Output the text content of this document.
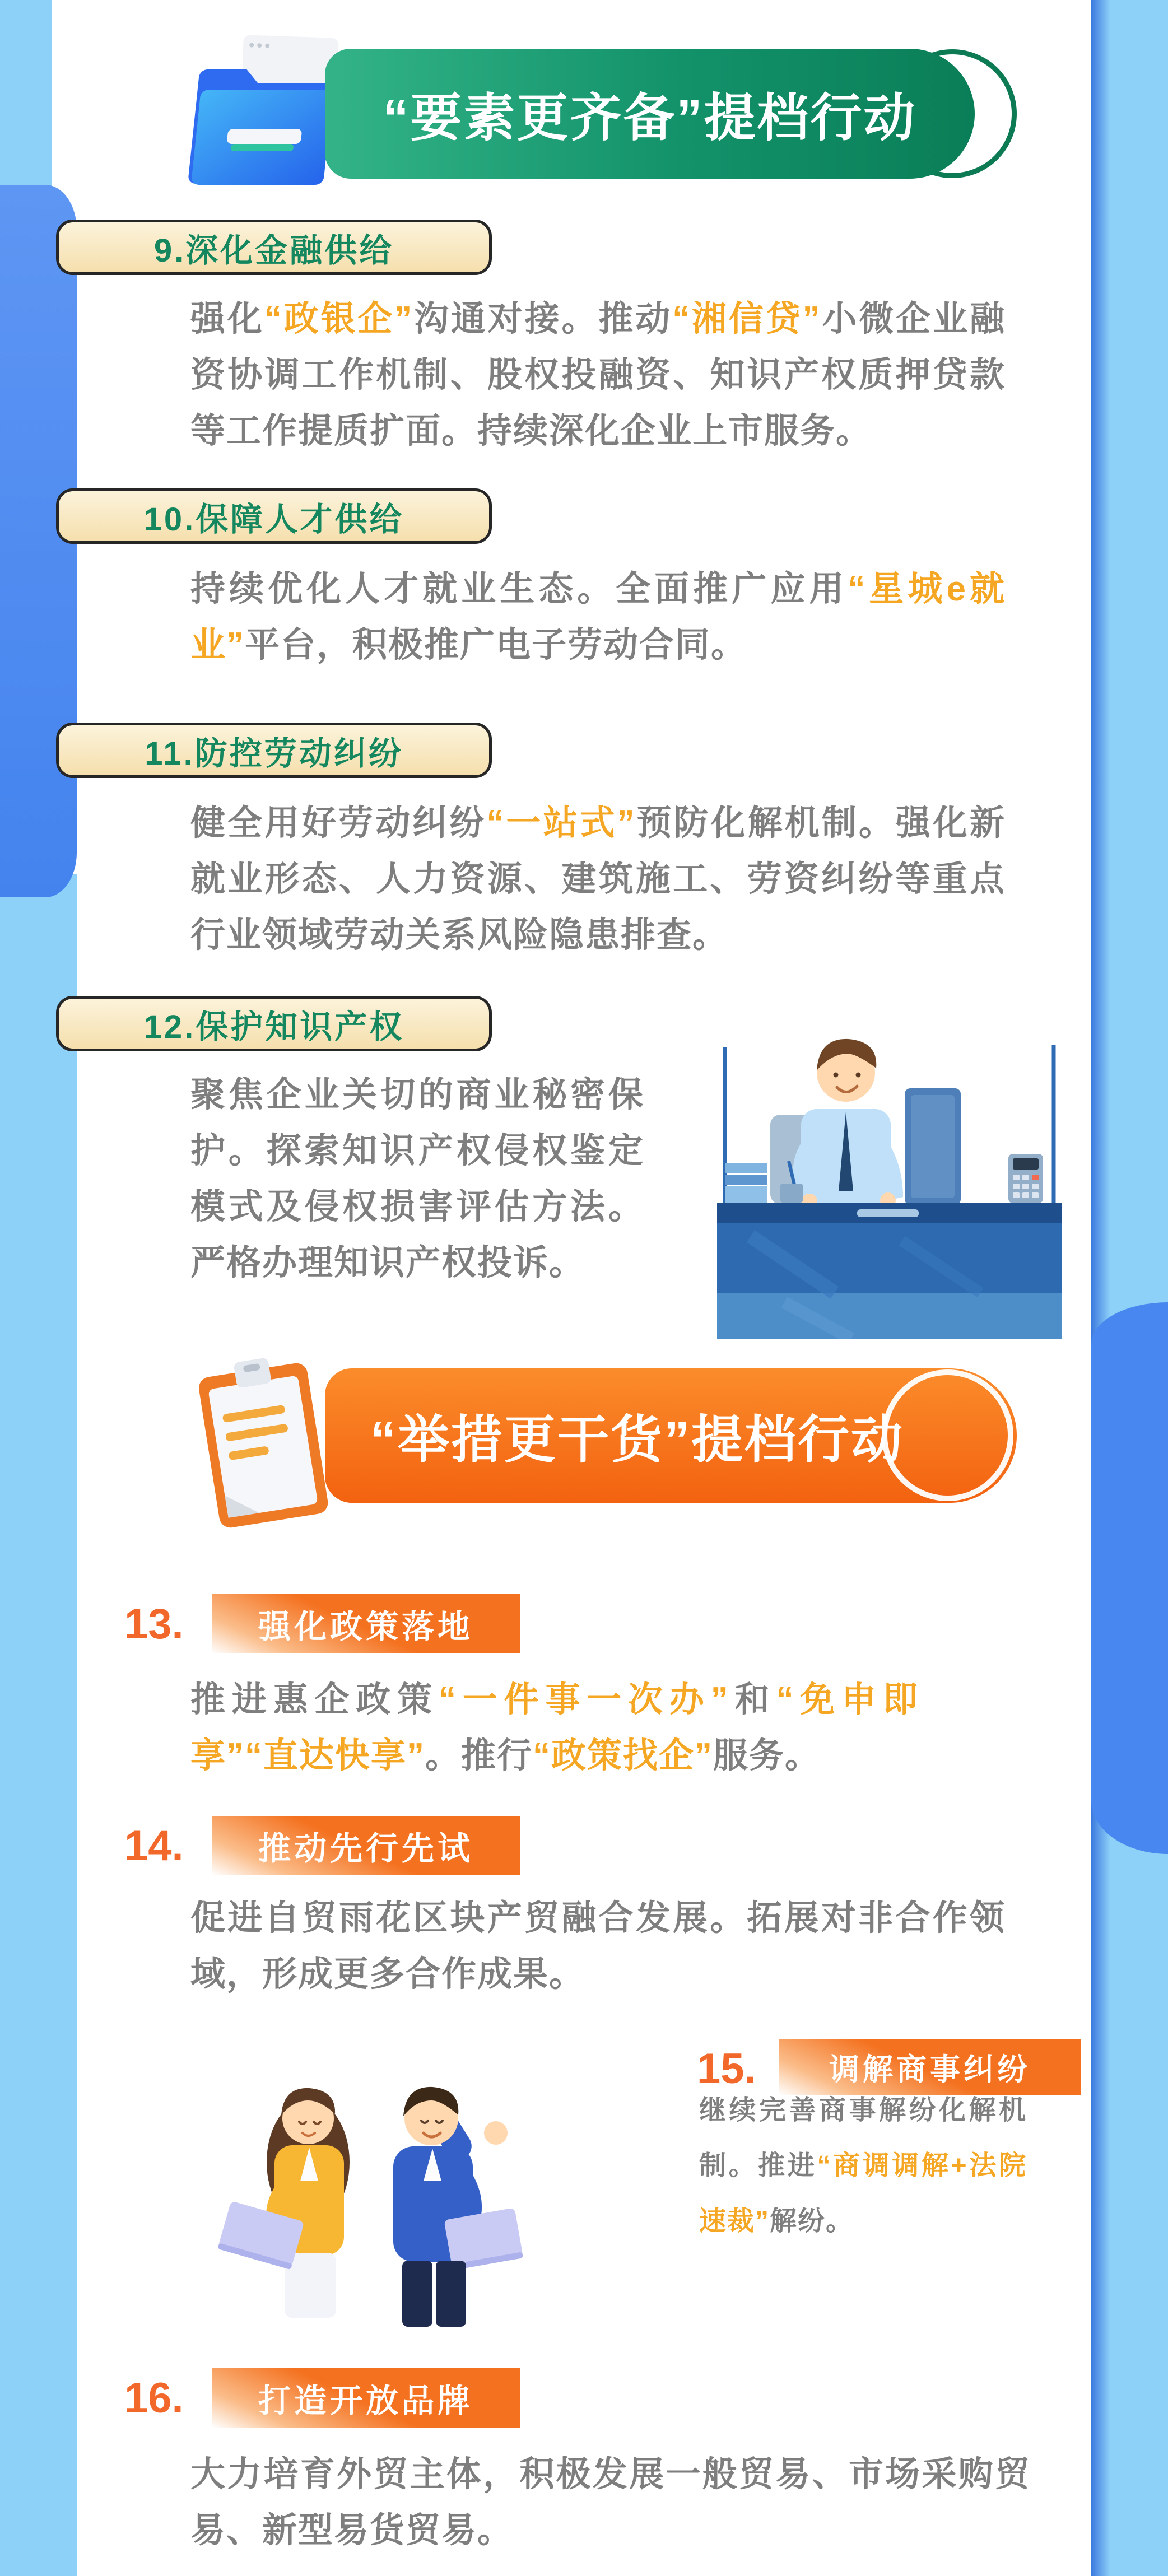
“要素更齐备”提档行动
9.深化金融供给
强化“政银企”沟通对接。推动“湘信贷”小微企业融资协调工作机制、股权投融资、知识产权质押贷款等工作提质扩面。持续深化企业上市服务。
10.保障人才供给
持续优化人才就业生态。全面推广应用“星城e就业”平台，积极推广电子劳动合同。
11.防控劳动纠纷
健全用好劳动纠纷“一站式”预防化解机制。强化新就业形态、人力资源、建筑施工、劳资纠纷等重点行业领域劳动关系风险隐患排查。
12.保护知识产权
聚焦企业关切的商业秘密保护。探索知识产权侵权鉴定模式及侵权损害评估方法。严格办理知识产权投诉。
“举措更干货”提档行动
13.	强化政策落地
推进惠企政策“一件事一次办”和“免申即享”“直达快享”。推行“政策找企”服务。
14.	推动先行先试
促进自贸雨花区块产贸融合发展。拓展对非合作领域，形成更多合作成果。
15.	调解商事纠纷
继续完善商事解纷化解机制。推进“商调调解+法院速裁”解纷。
16.	打造开放品牌
大力培育外贸主体，积极发展一般贸易、市场采购贸易、新型易货贸易。
